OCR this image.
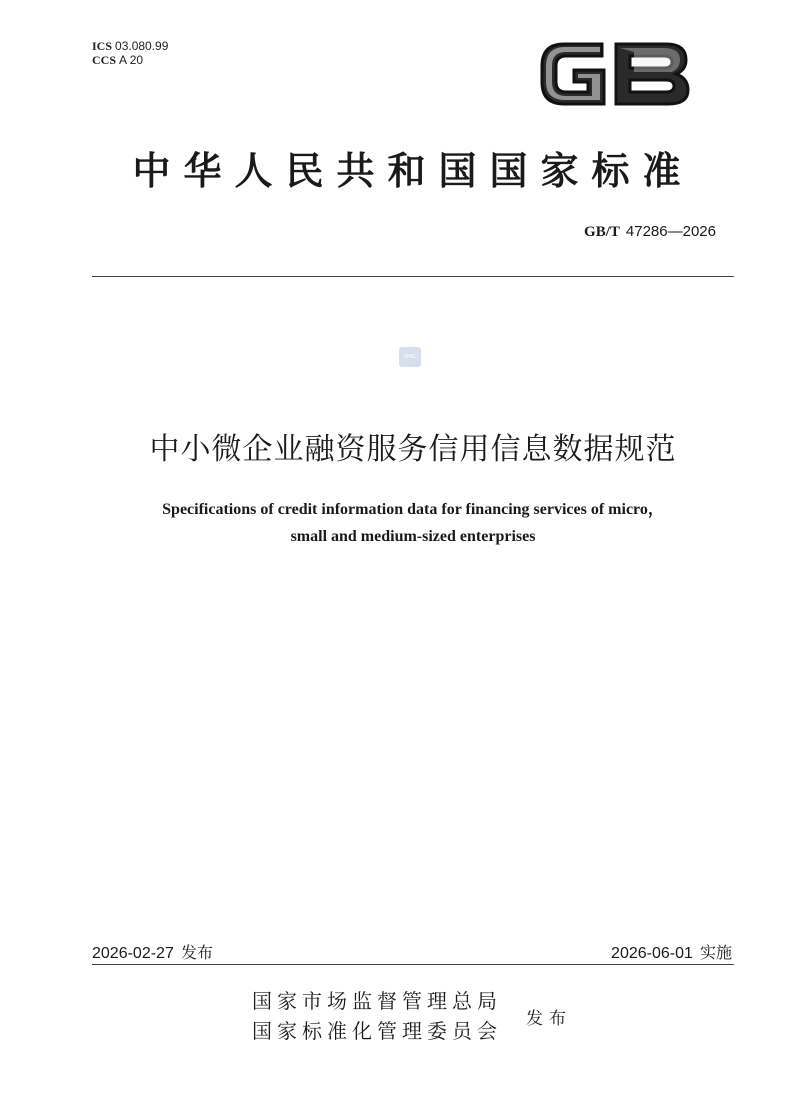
ICS 03.080.99
CCS A 20
中华人民共和国国家标准
GB/T 47286—2026
SPRC
中小微企业融资服务信用信息数据规范
Specifications of credit information data for financing services of micro，
small and medium-sized enterprises
2026-02-27 发布	2026-06-01 实施
国家市场监督管理总局
国家标准化管理委员会 发布
